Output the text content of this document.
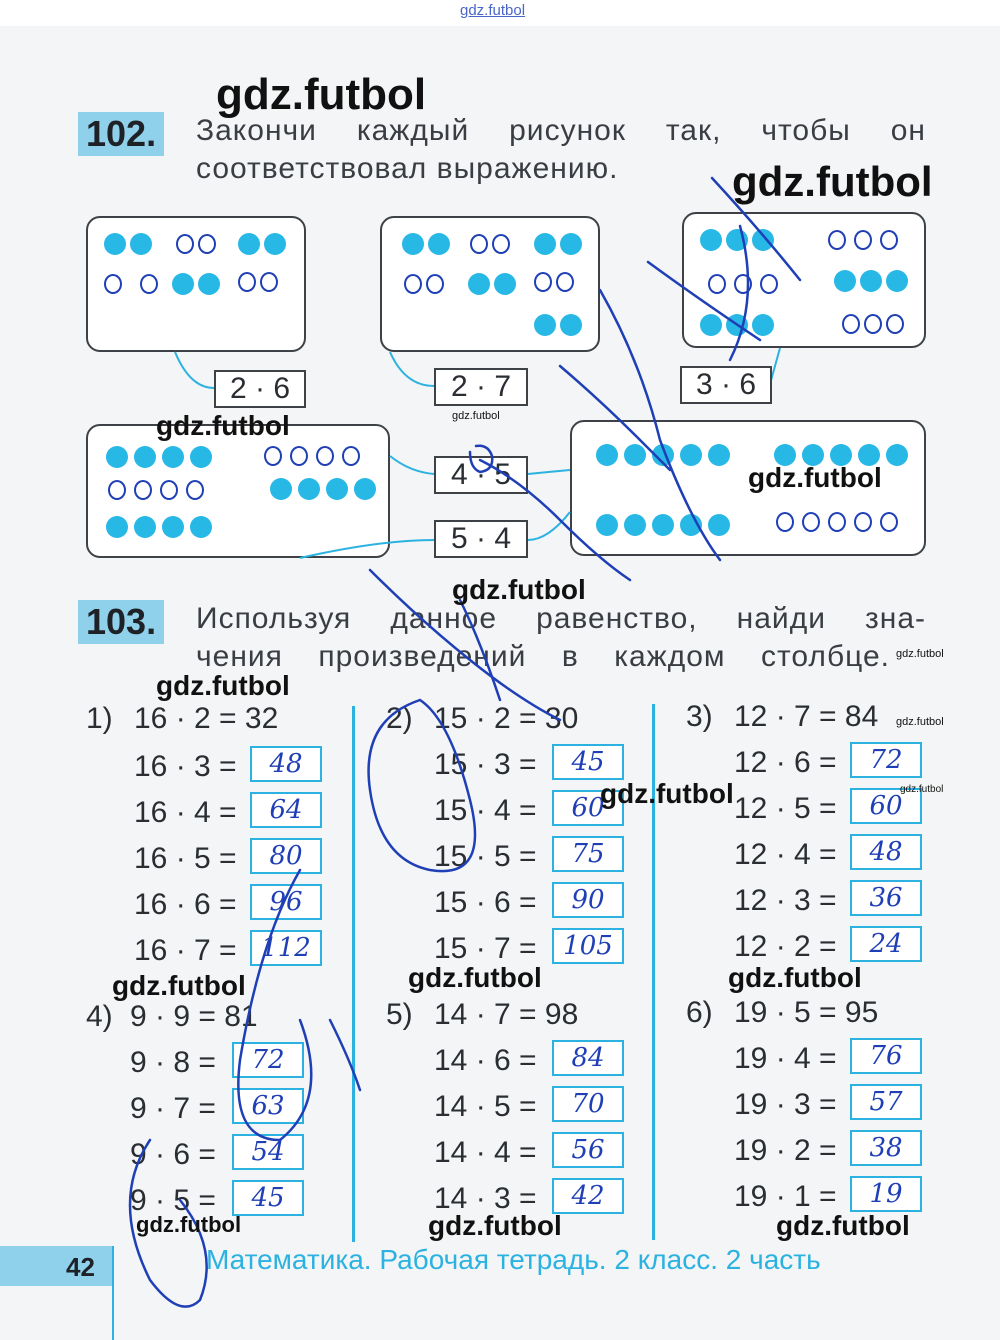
gdz.futbol
102. Закончи каждый рисунок так, чтобы он
соответствовал выражению.
2 · 6	2 · 7	3 · 6
4 · 5
5 · 4
103. Используя данное равенство, найди зна-
чения произведений в каждом столбце.
1) 16 · 2 = 32
16 · 3 =	48
16 · 4 =	64
16 · 5 =	80
16 · 6 =	96
16 · 7 = 112
2) 15 · 2 = 30
15 · 3 =	45
15 · 4 =	60
15 · 5 =	75
15 · 6 =	90
15 · 7 =	105
3) 12 · 7 = 84
12 · 6 =	72
12 · 5 =	60
12 · 4 =	48
12 · 3 =	36
12 · 2 =	24
4) 9 · 9 = 81
9 · 8 =	72
9 · 7 =	63
9 · 6 =	54
9 · 5 =	45
5) 14 · 7 = 98
14 · 6 =	84
14 · 5 =	70
14 · 4 =	56
14 · 3 =	42
6) 19 · 5 = 95
19 · 4 =	76
19 · 3 =	57
19 · 2 =	38
19 · 1 =	19
42	Математика. Рабочая тетрадь. 2 класс. 2 часть
gdz.futbol
gdz.futbol
gdz.futbol	gdz.futbol
gdz.futbol
gdz.futbol
gdz.futbol
gdz.futbol
gdz.futbol
gdz.futbol	gdz.futbol
gdz.futbol	gdz.futbol	gdz.futbol
gdz.futbol	gdz.futbol	gdz.futbol
